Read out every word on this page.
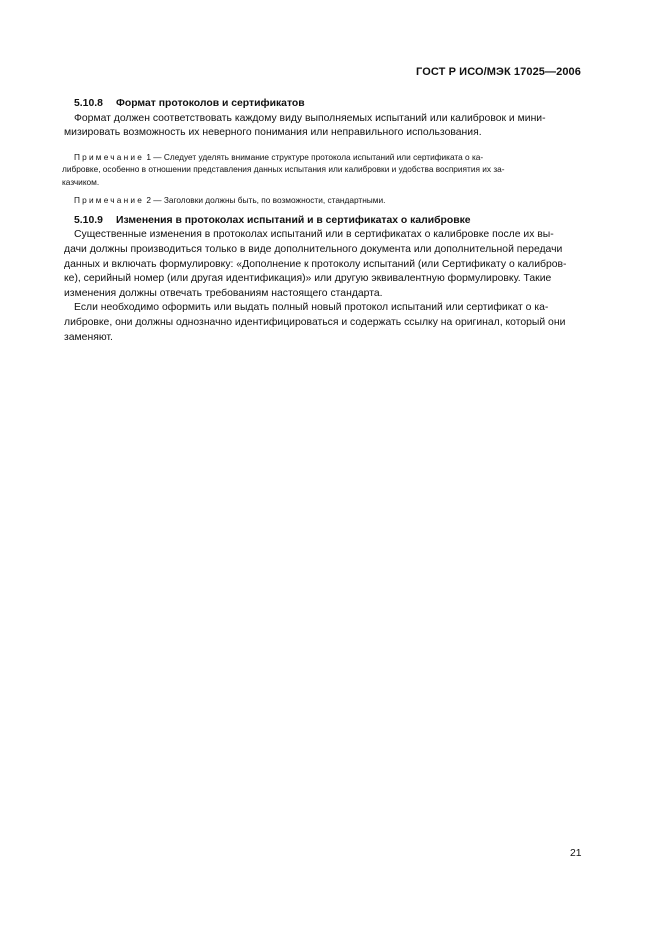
ГОСТ Р ИСО/МЭК 17025—2006

5.10.8 Формат протоколов и сертификатов

Формат должен соответствовать каждому виду выполняемых испытаний или калибровок и мини-
мизировать возможность их неверного понимания или неправильного использования.

Примечание 1 — Следует уделять внимание структуре протокола испытаний или сертификата о ка-
либровке, особенно в отношении представления данных испытания или калибровки и удобства восприятия их за-
казчиком.

Примечание 2 — Заголовки должны быть, по возможности, стандартными.

5.10.9 Изменения в протоколах испытаний и в сертификатах о калибровке

Существенные изменения в протоколах испытаний или в сертификатах о калибровке после их вы-
дачи должны производиться только в виде дополнительного документа или дополнительной передачи
данных и включать формулировку: «Дополнение к протоколу испытаний (или Сертификату о калибров-
ке), серийный номер (или другая идентификация)» или другую эквивалентную формулировку. Такие
изменения должны отвечать требованиям настоящего стандарта.

Если необходимо оформить или выдать полный новый протокол испытаний или сертификат о ка-
либровке, они должны однозначно идентифицироваться и содержать ссылку на оригинал, который они
заменяют.

21
